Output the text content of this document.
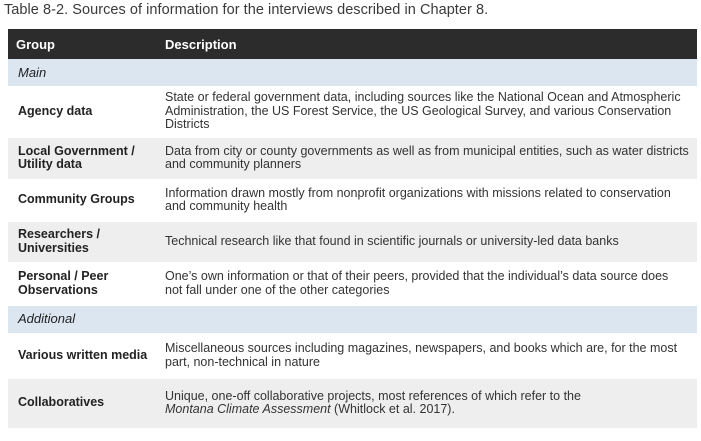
Table 8-2. Sources of information for the interviews described in Chapter 8.
Group	Description
Main	
Agency data	State or federal government data, including sources like the National Ocean and Atmospheric Administration, the US Forest Service, the US Geological Survey, and various Conservation Districts
Local Government / Utility data	Data from city or county governments as well as from municipal entities, such as water districts and community planners
Community Groups	Information drawn mostly from nonprofit organizations with missions related to conservation and community health
Researchers / Universities	Technical research like that found in scientific journals or university-led data banks
Personal / Peer Observations	One’s own information or that of their peers, provided that the individual’s data source does not fall under one of the other categories
Additional	
Various written media	Miscellaneous sources including magazines, newspapers, and books which are, for the most part, non-technical in nature
Collaboratives	Unique, one-off collaborative projects, most references of which refer to the
Montana Climate Assessment (Whitlock et al. 2017).
